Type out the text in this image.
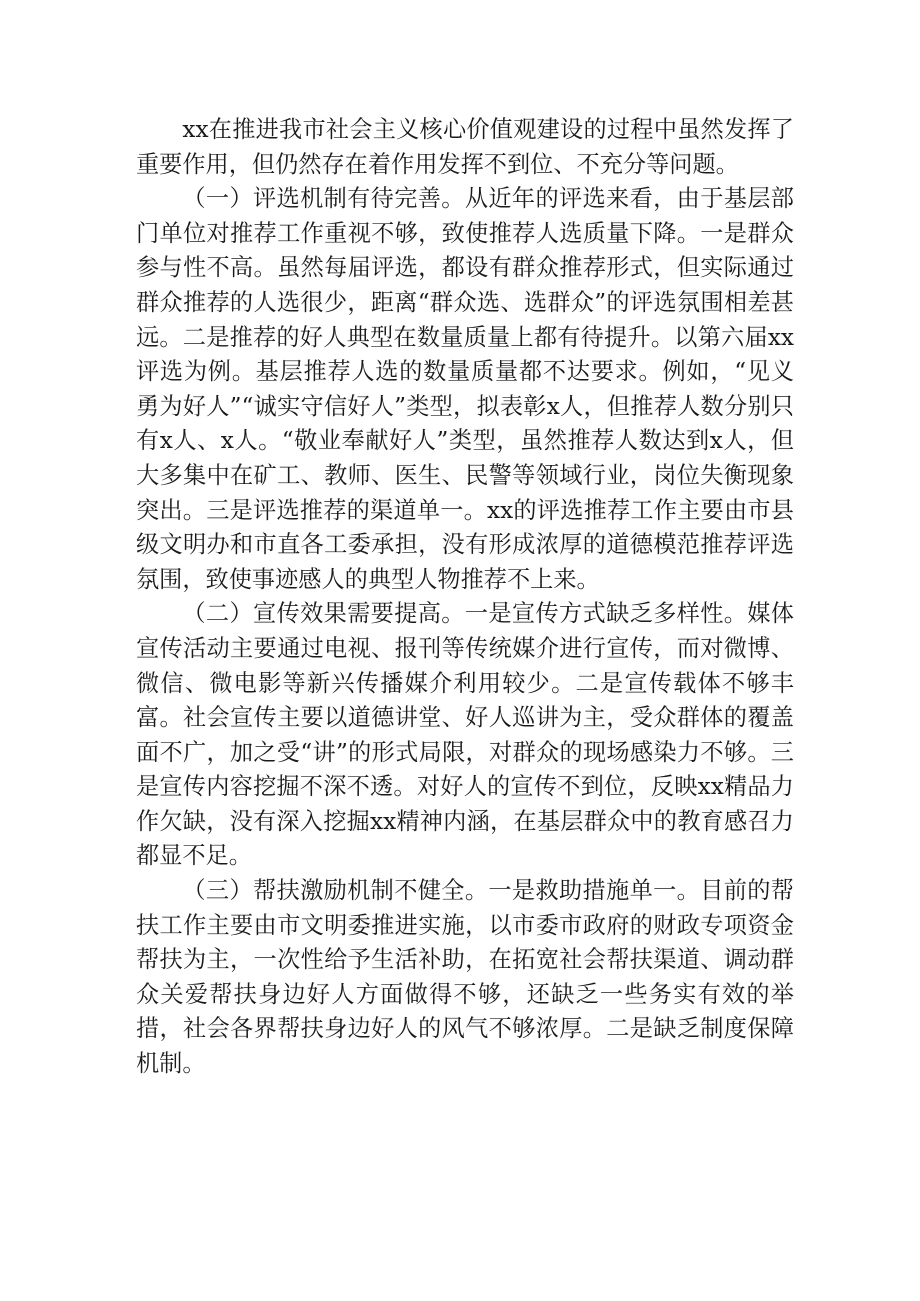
xx在推进我市社会主义核心价值观建设的过程中虽然发挥了重要作用，但仍然存在着作用发挥不到位、不充分等问题。

（一）评选机制有待完善。从近年的评选来看，由于基层部门单位对推荐工作重视不够，致使推荐人选质量下降。一是群众参与性不高。虽然每届评选，都设有群众推荐形式，但实际通过群众推荐的人选很少，距离“群众选、选群众”的评选氛围相差甚远。二是推荐的好人典型在数量质量上都有待提升。以第六届xx评选为例。基层推荐人选的数量质量都不达要求。例如，“见义勇为好人”“诚实守信好人”类型，拟表彰x人，但推荐人数分别只有x人、x人。“敬业奉献好人”类型，虽然推荐人数达到x人，但大多集中在矿工、教师、医生、民警等领域行业，岗位失衡现象突出。三是评选推荐的渠道单一。xx的评选推荐工作主要由市县级文明办和市直各工委承担，没有形成浓厚的道德模范推荐评选氛围，致使事迹感人的典型人物推荐不上来。

（二）宣传效果需要提高。一是宣传方式缺乏多样性。媒体宣传活动主要通过电视、报刊等传统媒介进行宣传，而对微博、微信、微电影等新兴传播媒介利用较少。二是宣传载体不够丰富。社会宣传主要以道德讲堂、好人巡讲为主，受众群体的覆盖面不广，加之受“讲”的形式局限，对群众的现场感染力不够。三是宣传内容挖掘不深不透。对好人的宣传不到位，反映xx精品力作欠缺，没有深入挖掘xx精神内涵，在基层群众中的教育感召力都显不足。

（三）帮扶激励机制不健全。一是救助措施单一。目前的帮扶工作主要由市文明委推进实施，以市委市政府的财政专项资金帮扶为主，一次性给予生活补助，在拓宽社会帮扶渠道、调动群众关爱帮扶身边好人方面做得不够，还缺乏一些务实有效的举措，社会各界帮扶身边好人的风气不够浓厚。二是缺乏制度保障机制。
